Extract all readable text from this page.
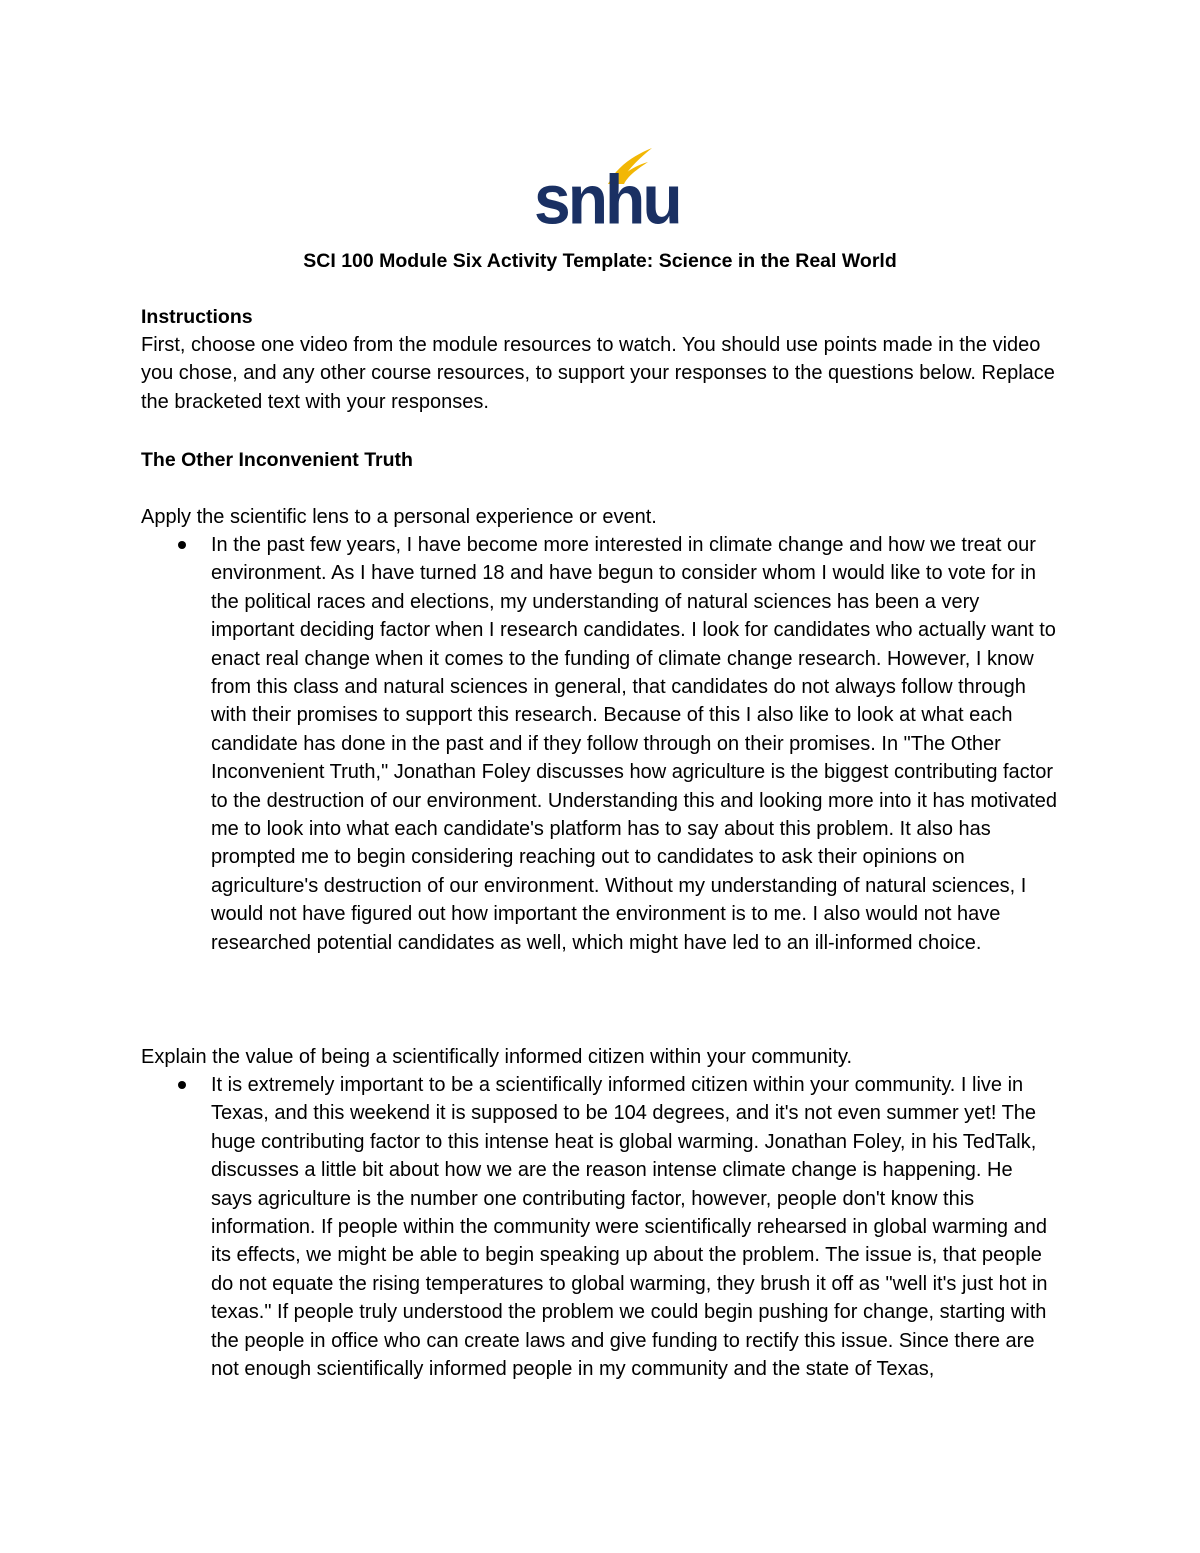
snhu
SCI 100 Module Six Activity Template: Science in the Real World
Instructions
First, choose one video from the module resources to watch. You should use points made in the video you chose, and any other course resources, to support your responses to the questions below. Replace the bracketed text with your responses.
The Other Inconvenient Truth
Apply the scientific lens to a personal experience or event.
In the past few years, I have become more interested in climate change and how we treat our environment. As I have turned 18 and have begun to consider whom I would like to vote for in the political races and elections, my understanding of natural sciences has been a very important deciding factor when I research candidates. I look for candidates who actually want to enact real change when it comes to the funding of climate change research. However, I know from this class and natural sciences in general, that candidates do not always follow through with their promises to support this research. Because of this I also like to look at what each candidate has done in the past and if they follow through on their promises. In "The Other Inconvenient Truth," Jonathan Foley discusses how agriculture is the biggest contributing factor to the destruction of our environment. Understanding this and looking more into it has motivated me to look into what each candidate's platform has to say about this problem. It also has prompted me to begin considering reaching out to candidates to ask their opinions on agriculture's destruction of our environment. Without my understanding of natural sciences, I would not have figured out how important the environment is to me. I also would not have researched potential candidates as well, which might have led to an ill-informed choice.
Explain the value of being a scientifically informed citizen within your community.
It is extremely important to be a scientifically informed citizen within your community. I live in Texas, and this weekend it is supposed to be 104 degrees, and it's not even summer yet! The huge contributing factor to this intense heat is global warming. Jonathan Foley, in his TedTalk, discusses a little bit about how we are the reason intense climate change is happening. He says agriculture is the number one contributing factor, however, people don't know this information. If people within the community were scientifically rehearsed in global warming and its effects, we might be able to begin speaking up about the problem. The issue is, that people do not equate the rising temperatures to global warming, they brush it off as "well it's just hot in texas." If people truly understood the problem we could begin pushing for change, starting with the people in office who can create laws and give funding to rectify this issue. Since there are not enough scientifically informed people in my community and the state of Texas,
